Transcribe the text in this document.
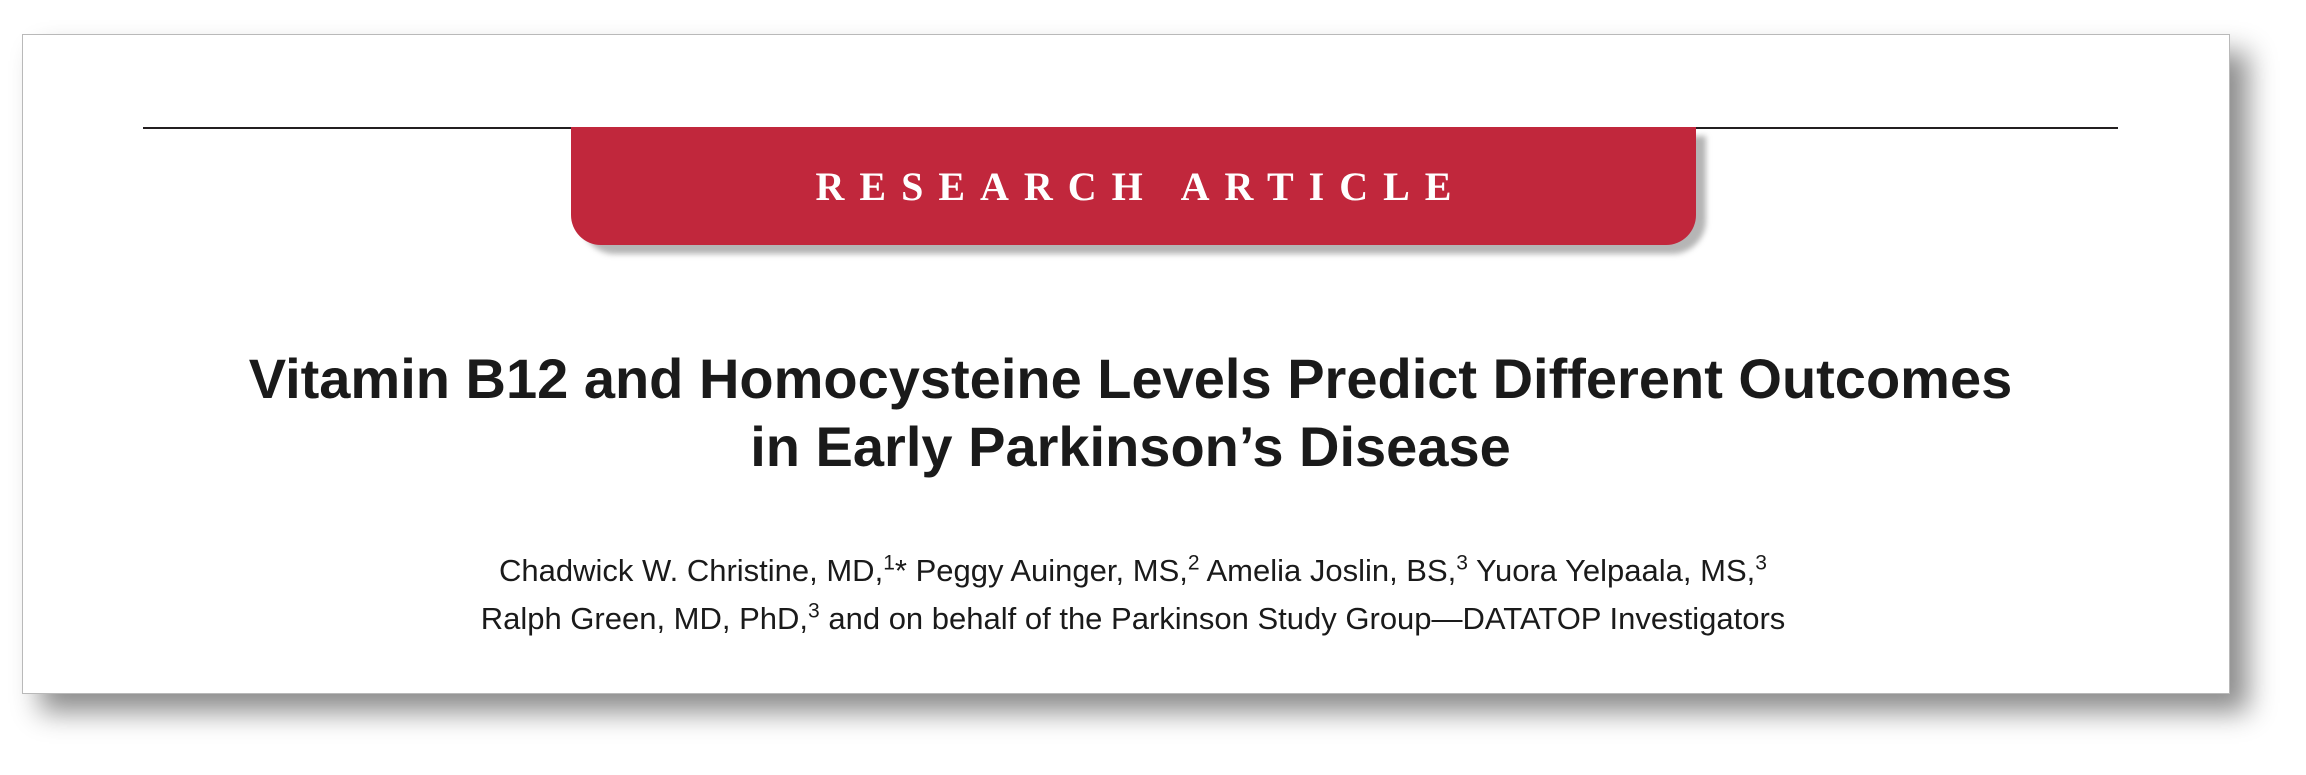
RESEARCH ARTICLE
Vitamin B12 and Homocysteine Levels Predict Different Outcomes
in Early Parkinson’s Disease
Chadwick W. Christine, MD,$^1$* Peggy Auinger, MS,$^2$ Amelia Joslin, BS,$^3$ Yuora Yelpaala, MS,$^3$
Ralph Green, MD, PhD,$^3$ and on behalf of the Parkinson Study Group—DATATOP Investigators
